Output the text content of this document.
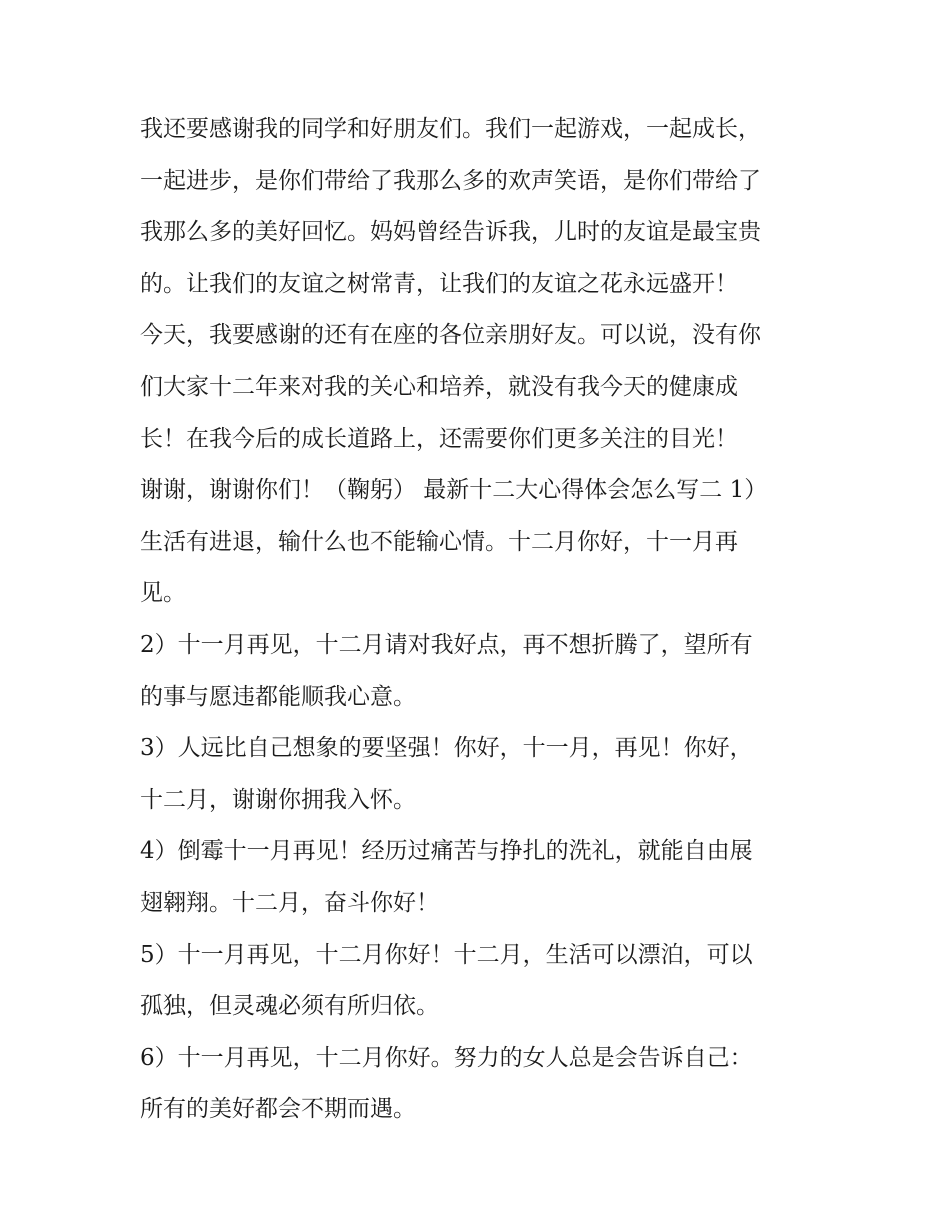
我还要感谢我的同学和好朋友们。我们一起游戏，一起成长，
一起进步，是你们带给了我那么多的欢声笑语，是你们带给了
我那么多的美好回忆。妈妈曾经告诉我，儿时的友谊是最宝贵
的。让我们的友谊之树常青，让我们的友谊之花永远盛开！
今天，我要感谢的还有在座的各位亲朋好友。可以说，没有你
们大家十二年来对我的关心和培养，就没有我今天的健康成
长！在我今后的成长道路上，还需要你们更多关注的目光！
谢谢，谢谢你们！（鞠躬） 最新十二大心得体会怎么写二 1）
生活有进退，输什么也不能输心情。十二月你好，十一月再
见。
2）十一月再见，十二月请对我好点，再不想折腾了，望所有
的事与愿违都能顺我心意。
3）人远比自己想象的要坚强！你好，十一月，再见！你好，
十二月，谢谢你拥我入怀。
4）倒霉十一月再见！经历过痛苦与挣扎的洗礼，就能自由展
翅翱翔。十二月，奋斗你好！
5）十一月再见，十二月你好！十二月，生活可以漂泊，可以
孤独，但灵魂必须有所归依。
6）十一月再见，十二月你好。努力的女人总是会告诉自己：
所有的美好都会不期而遇。
